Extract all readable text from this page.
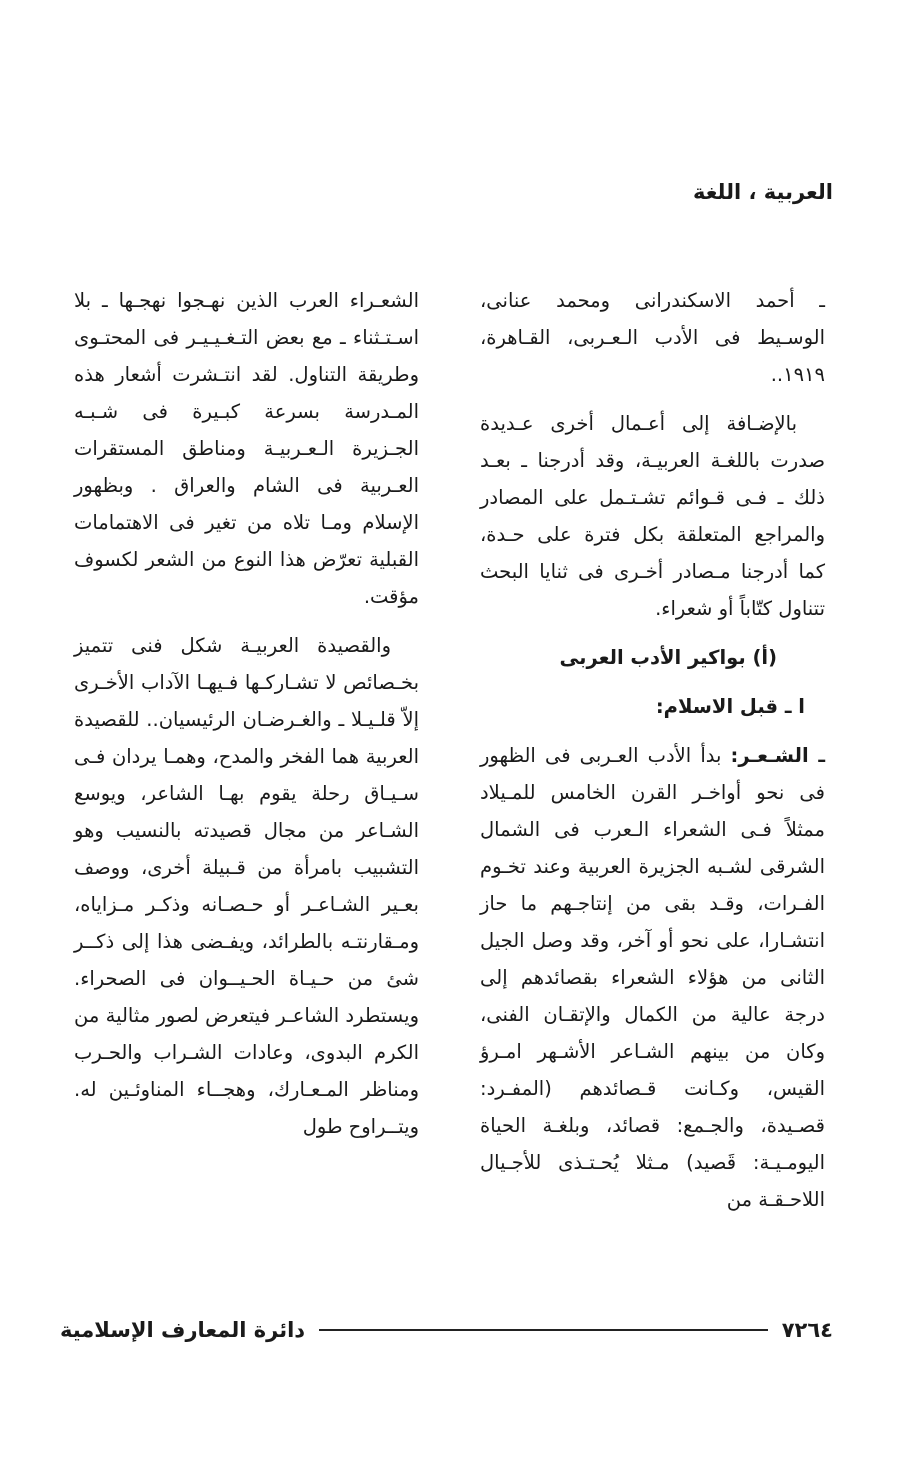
العربية ، اللغة

ـ أحمد الاسكندرانى ومحمد عنانى، الوسـيط فى الأدب الـعـربى، القـاهرة، ١٩١٩..

بالإضـافة إلى أعـمال أخرى عـديدة صدرت باللغـة العربيـة، وقد أدرجنا ـ بعـد ذلك ـ فـى قـوائم تشـتـمل على المصادر والمراجع المتعلقة بكل فترة على حـدة، كما أدرجنا مـصادر أخـرى فى ثنايا البحث تتناول كتّاباً أو شعراء.

(أ) بواكير الأدب العربى

ا ـ قبل الاسلام:

ـ الشـعـر: بدأ الأدب العـربى فى الظهور فى نحو أواخـر القرن الخامس للمـيلاد ممثلاً فـى الشعراء الـعرب فى الشمال الشرقى لشـبه الجزيرة العربية وعند تخـوم الفـرات، وقـد بقى من إنتاجـهم ما حاز انتشـارا، على نحو أو آخر، وقد وصل الجيل الثانى من هؤلاء الشعراء بقصائدهم إلى درجة عالية من الكمال والإتقـان الفنى، وكان من بينهم الشـاعر الأشـهر امـرؤ القيس، وكـانت قـصائدهم (المفـرد: قصـيدة، والجـمع: قصائد، وبلغـة الحياة اليومـيـة: قَصيد) مـثلا يُحـتـذى للأجـيال اللاحـقـة من

الشعـراء العرب الذين نهـجوا نهجـها ـ بلا اسـتـثناء ـ مع بعض التـغـيـيـر فى المحتـوى وطريقة التناول. لقد انتـشرت أشعار هذه المـدرسة بسرعة كبـيرة فى شـبـه الجـزيرة الـعـربيـة ومناطق المستقرات العـربية فى الشام والعراق . وبظهور الإسلام ومـا تلاه من تغير فى الاهتمامات القبلية تعرّض هذا النوع من الشعر لكسوف مؤقت.

والقصيدة العربيـة شكل فنى تتميز بخـصائص لا تشـاركـها فـيهـا الآداب الأخـرى إلاّ قلـيـلا ـ والغـرضـان الرئيسيان.. للقصيدة العربية هما الفخر والمدح، وهمـا يردان فـى سـيـاق رحلة يقوم بهـا الشاعر، ويوسع الشـاعر من مجال قصيدته بالنسيب وهو التشبيب بامرأة من قـبيلة أخرى، ووصف بعـير الشـاعـر أو حـصـانه وذكـر مـزاياه، ومـقارنتـه بالطرائد، ويفـضى هذا إلى ذكــر شئ من حـيـاة الحـيــوان فى الصحراء. ويستطرد الشاعـر فيتعرض لصور مثالية من الكرم البدوى، وعادات الشـراب والحـرب ومناظر المـعـارك، وهجــاء المناوئـين له. ويتــراوح طول

٧٢٦٤
دائرة المعارف الإسلامية
